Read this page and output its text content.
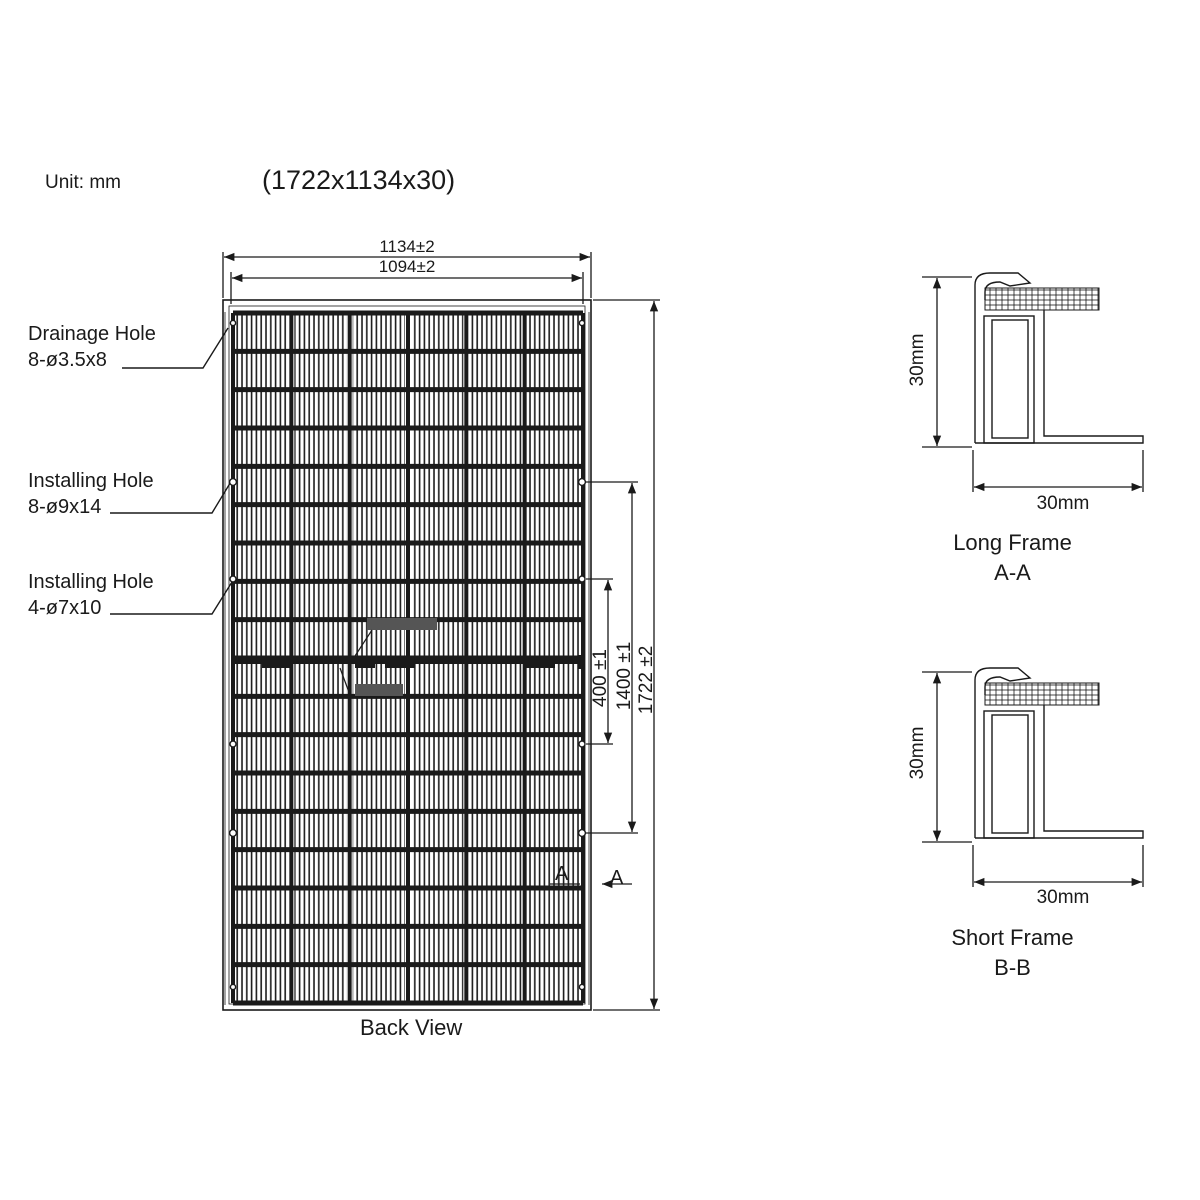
Unit: mm	(1722x1134x30)
Drainage Hole
8-ø3.5x8
Installing Hole
8-ø9x14
Installing Hole
4-ø7x10
1134±2
1094±2
1722 ±2
1400 ±1
400 ±1
A A
30mm
30mm
30mm
30mm
Back View
Long Frame
A-A
Short Frame
B-B
